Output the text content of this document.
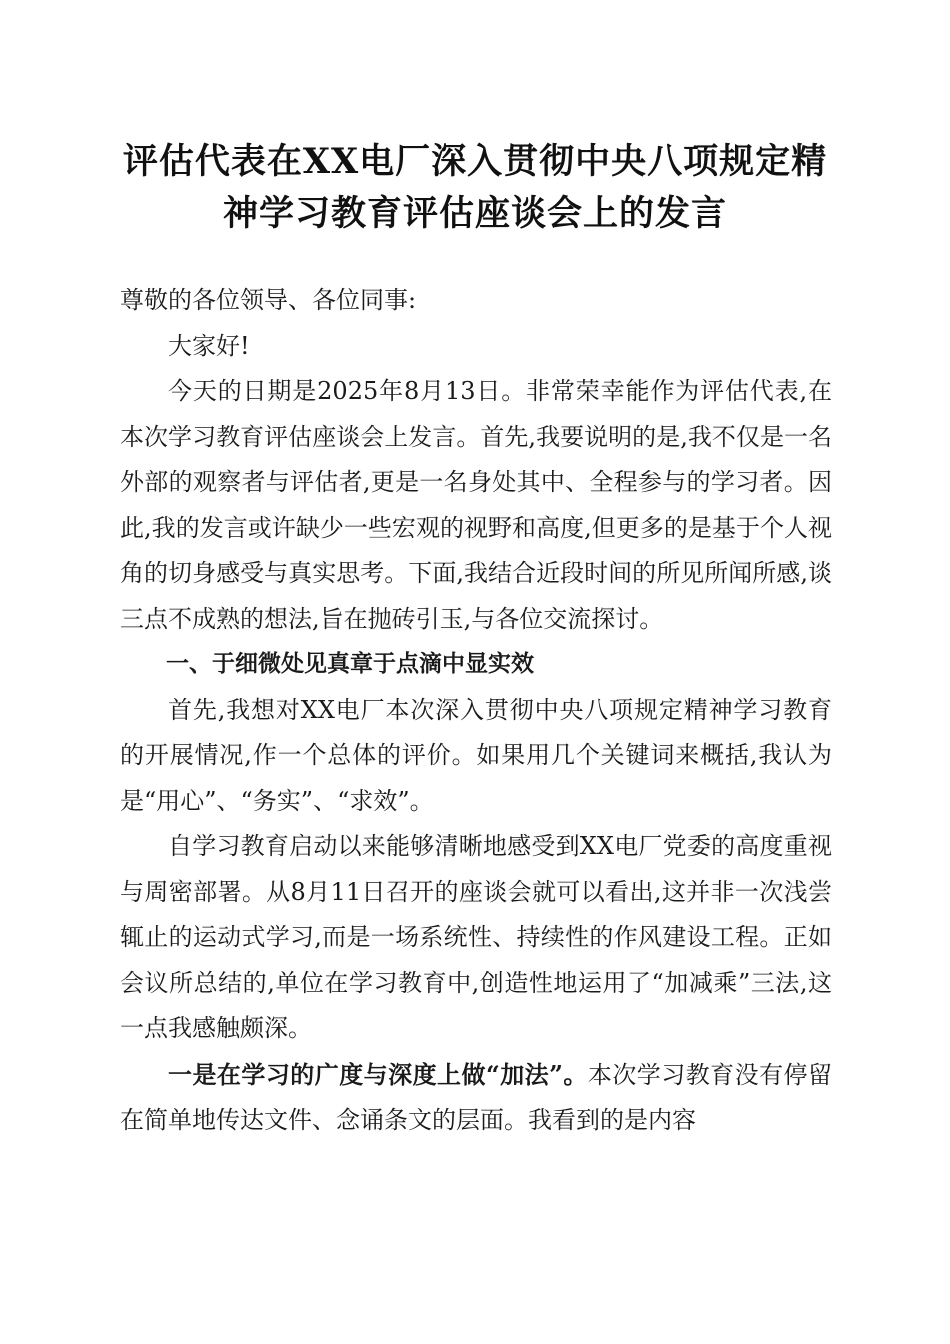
评估代表在XX电厂深入贯彻中央八项规定精神学习教育评估座谈会上的发言

尊敬的各位领导、各位同事:

大家好!

今天的日期是2025年8月13日。非常荣幸能作为评估代表,在本次学习教育评估座谈会上发言。首先,我要说明的是,我不仅是一名外部的观察者与评估者,更是一名身处其中、全程参与的学习者。因此,我的发言或许缺少一些宏观的视野和高度,但更多的是基于个人视角的切身感受与真实思考。下面,我结合近段时间的所见所闻所感,谈三点不成熟的想法,旨在抛砖引玉,与各位交流探讨。

一、于细微处见真章于点滴中显实效

首先,我想对XX电厂本次深入贯彻中央八项规定精神学习教育的开展情况,作一个总体的评价。如果用几个关键词来概括,我认为是“用心”、“务实”、“求效”。

自学习教育启动以来能够清晰地感受到XX电厂党委的高度重视与周密部署。从8月11日召开的座谈会就可以看出,这并非一次浅尝辄止的运动式学习,而是一场系统性、持续性的作风建设工程。正如会议所总结的,单位在学习教育中,创造性地运用了“加减乘”三法,这一点我感触颇深。

一是在学习的广度与深度上做“加法”。本次学习教育没有停留在简单地传达文件、念诵条文的层面。我看到的是内容
